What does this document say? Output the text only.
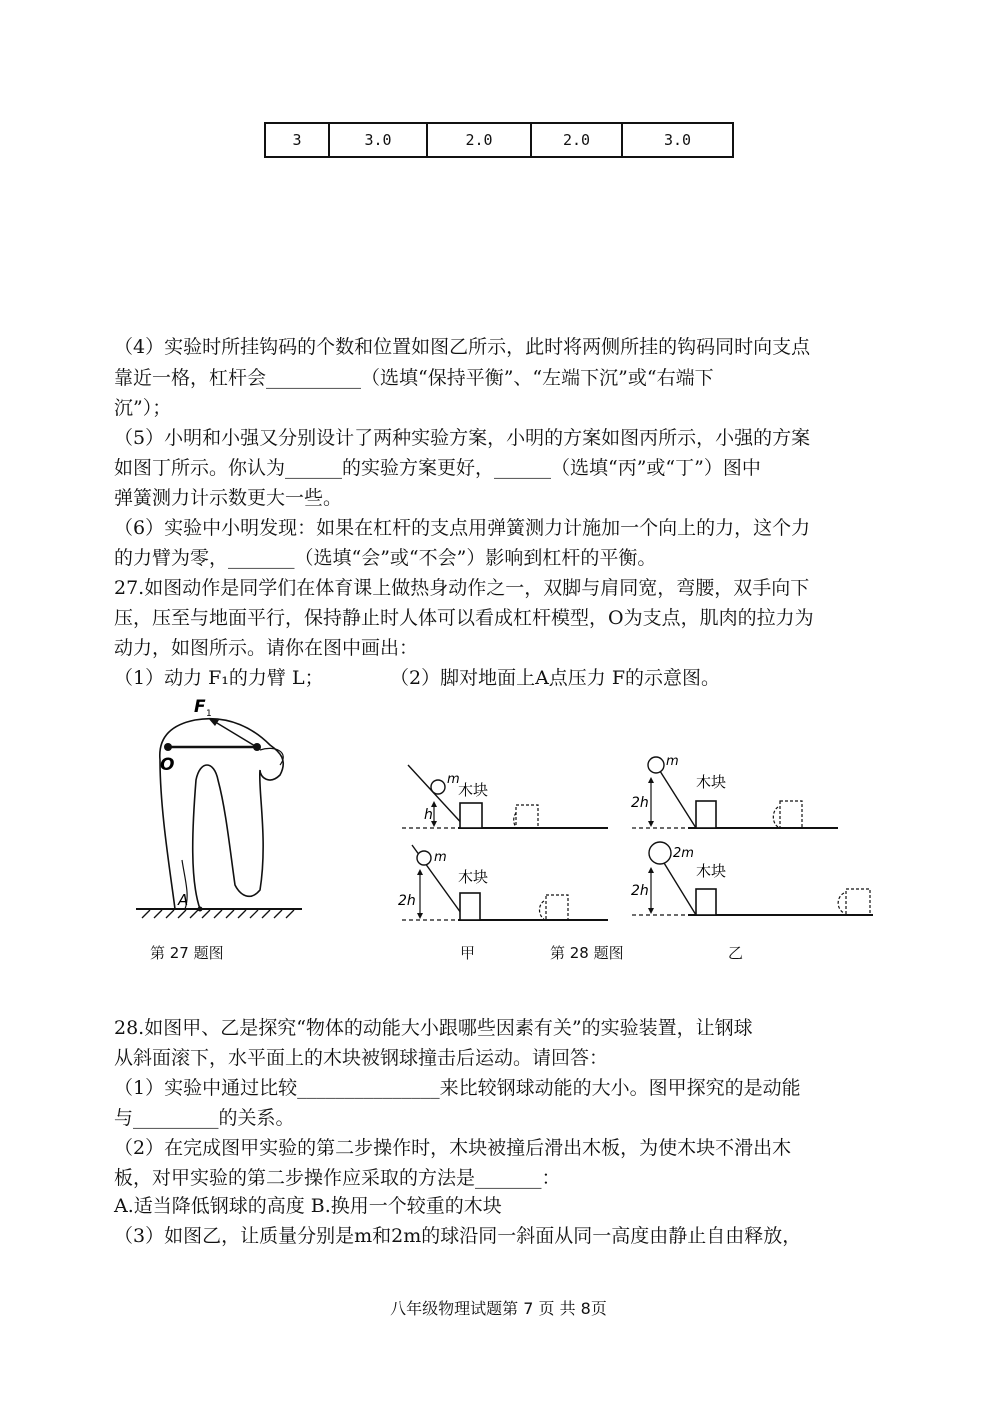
3	3.0	2.0	2.0	3.0
（4）实验时所挂钩码的个数和位置如图乙所示，此时将两侧所挂的钩码同时向支点
靠近一格，杠杆会__________（选填“保持平衡”、“左端下沉”或“右端下
沉”）；
（5）小明和小强又分别设计了两种实验方案，小明的方案如图丙所示，小强的方案
如图丁所示。你认为______的实验方案更好，______（选填“丙”或“丁”）图中
弹簧测力计示数更大一些。
（6）实验中小明发现：如果在杠杆的支点用弹簧测力计施加一个向上的力，这个力
的力臂为零，_______（选填“会”或“不会”）影响到杠杆的平衡。
27.如图动作是同学们在体育课上做热身动作之一，双脚与肩同宽，弯腰，双手向下
压，压至与地面平行，保持静止时人体可以看成杠杆模型，O为支点，肌肉的拉力为
动力，如图所示。请你在图中画出：
（1）动力 F₁的力臂 L；	（2）脚对地面上A点压力 F的示意图。
F 1
O
A
m
木块
h
m
木块
2h
m
木块
2h
2m
木块
2h
第 27 题图	甲	第 28 题图	乙
28.如图甲、乙是探究“物体的动能大小跟哪些因素有关”的实验装置，让钢球
从斜面滚下，水平面上的木块被钢球撞击后运动。请回答：
（1）实验中通过比较_______________来比较钢球动能的大小。图甲探究的是动能
与_________的关系。
（2）在完成图甲实验的第二步操作时，木块被撞后滑出木板，为使木块不滑出木
板，对甲实验的第二步操作应采取的方法是_______：
A.适当降低钢球的高度 B.换用一个较重的木块
（3）如图乙，让质量分别是m和2m的球沿同一斜面从同一高度由静止自由释放，
八年级物理试题第 7 页 共 8页
